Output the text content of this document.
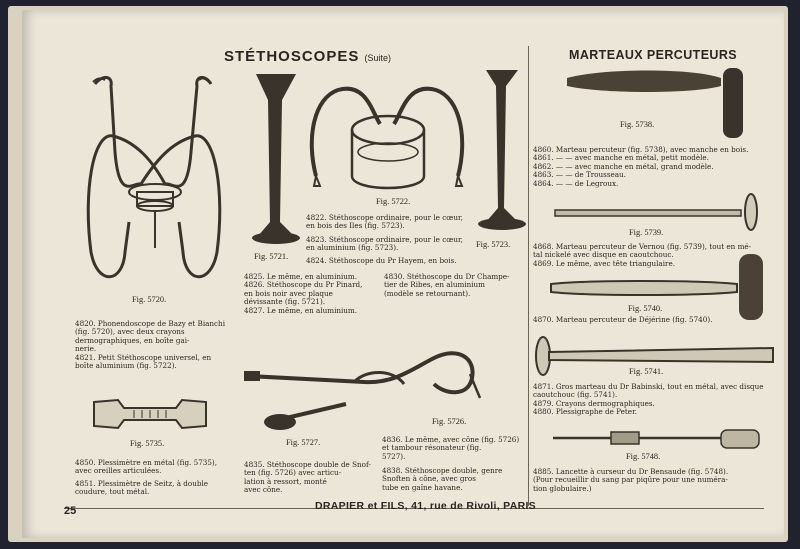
STÉTHOSCOPES (Suite)	MARTEAUX PERCUTEURS
Fig. 5720.
Fig. 5721.
Fig. 5722.
Fig. 5723.
Fig. 5726.
Fig. 5727.
Fig. 5735.
Fig. 5738.
Fig. 5739.
Fig. 5740.
Fig. 5741.
Fig. 5748.
4820. Phonendoscope de Bazy et Bianchi
(fig. 5720), avec deux crayons
dermographiques, en boîte gai-
nerie.
4821. Petit Stéthoscope universel, en
boîte aluminium (fig. 5722).
4822. Stéthoscope ordinaire, pour le cœur,
en bois des Iles (fig. 5723).
4823. Stéthoscope ordinaire, pour le cœur,
en aluminium (fig. 5723).
4824. Stéthoscope du Pr Hayem, en bois.
4825. Le même, en aluminium.
4826. Stéthoscope du Pr Pinard,
en bois noir avec plaque
dévissante (fig. 5721).
4827. Le même, en aluminium.
4830. Stéthoscope du Dr Champe-
tier de Ribes, en aluminium
(modèle se retournant).
4835. Stéthoscope double de Snof-
ten (fig. 5726) avec articu-
lation à ressort, monté
avec cône.
4836. Le même, avec cône (fig. 5726)
et tambour résonateur (fig.
5727).
4838. Stéthoscope double, genre
Snoften à cône, avec gros
tube en gaîne havane.
4850. Plessimètre en métal (fig. 5735),
avec oreilles articulées.
4851. Plessimètre de Seitz, à double
coudure, tout métal.
4860. Marteau percuteur (fig. 5738), avec manche en bois.
4861. — — avec manche en métal, petit modèle.
4862. — — avec manche en métal, grand modèle.
4863. — — de Trousseau.
4864. — — de Legroux.
4868. Marteau percuteur de Vernou (fig. 5739), tout en mé-
tal nickelé avec disque en caoutchouc.
4869. Le même, avec tête triangulaire.
4870. Marteau percuteur de Déjérine (fig. 5740).
4871. Gros marteau du Dr Babinski, tout en métal, avec disque
caoutchouc (fig. 5741).
4879. Crayons dermographiques.
4880. Plessigraphe de Peter.
4885. Lancette à curseur du Dr Bensaude (fig. 5748).
(Pour recueillir du sang par piqûre pour une numéra-
tion globulaire.)
25	DRAPIER et FILS, 41, rue de Rivoli, PARIS
